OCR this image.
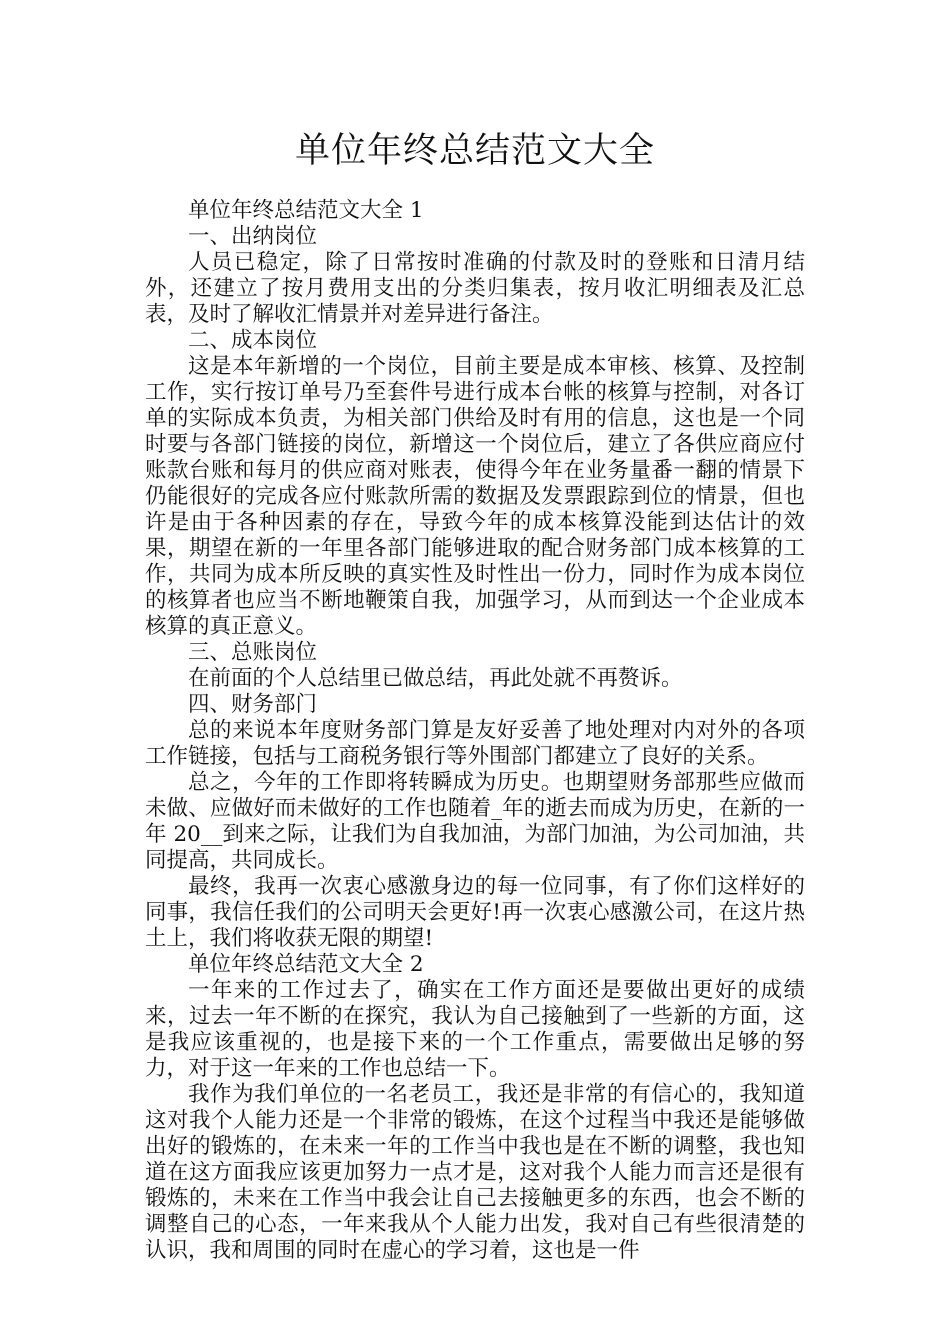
单位年终总结范文大全

单位年终总结范文大全 1

一、出纳岗位

人员已稳定，除了日常按时准确的付款及时的登账和日清月结外，还建立了按月费用支出的分类归集表，按月收汇明细表及汇总表，及时了解收汇情景并对差异进行备注。

二、成本岗位

这是本年新增的一个岗位，目前主要是成本审核、核算、及控制工作，实行按订单号乃至套件号进行成本台帐的核算与控制，对各订单的实际成本负责，为相关部门供给及时有用的信息，这也是一个同时要与各部门链接的岗位，新增这一个岗位后，建立了各供应商应付账款台账和每月的供应商对账表，使得今年在业务量番一翻的情景下仍能很好的完成各应付账款所需的数据及发票跟踪到位的情景，但也许是由于各种因素的存在，导致今年的成本核算没能到达估计的效果，期望在新的一年里各部门能够进取的配合财务部门成本核算的工作，共同为成本所反映的真实性及时性出一份力，同时作为成本岗位的核算者也应当不断地鞭策自我，加强学习，从而到达一个企业成本核算的真正意义。

三、总账岗位

在前面的个人总结里已做总结，再此处就不再赘诉。

四、财务部门

总的来说本年度财务部门算是友好妥善了地处理对内对外的各项工作链接，包括与工商税务银行等外围部门都建立了良好的关系。

总之，今年的工作即将转瞬成为历史。也期望财务部那些应做而未做、应做好而未做好的工作也随着_年的逝去而成为历史，在新的一年 20__到来之际，让我们为自我加油，为部门加油，为公司加油，共同提高，共同成长。

最终，我再一次衷心感激身边的每一位同事，有了你们这样好的同事，我信任我们的公司明天会更好!再一次衷心感激公司，在这片热土上，我们将收获无限的期望!

单位年终总结范文大全 2

一年来的工作过去了，确实在工作方面还是要做出更好的成绩来，过去一年不断的在探究，我认为自己接触到了一些新的方面，这是我应该重视的，也是接下来的一个工作重点，需要做出足够的努力，对于这一年来的工作也总结一下。

我作为我们单位的一名老员工，我还是非常的有信心的，我知道这对我个人能力还是一个非常的锻炼，在这个过程当中我还是能够做出好的锻炼的，在未来一年的工作当中我也是在不断的调整，我也知道在这方面我应该更加努力一点才是，这对我个人能力而言还是很有锻炼的，未来在工作当中我会让自己去接触更多的东西，也会不断的调整自己的心态，一年来我从个人能力出发，我对自己有些很清楚的认识，我和周围的同时在虚心的学习着，这也是一件
